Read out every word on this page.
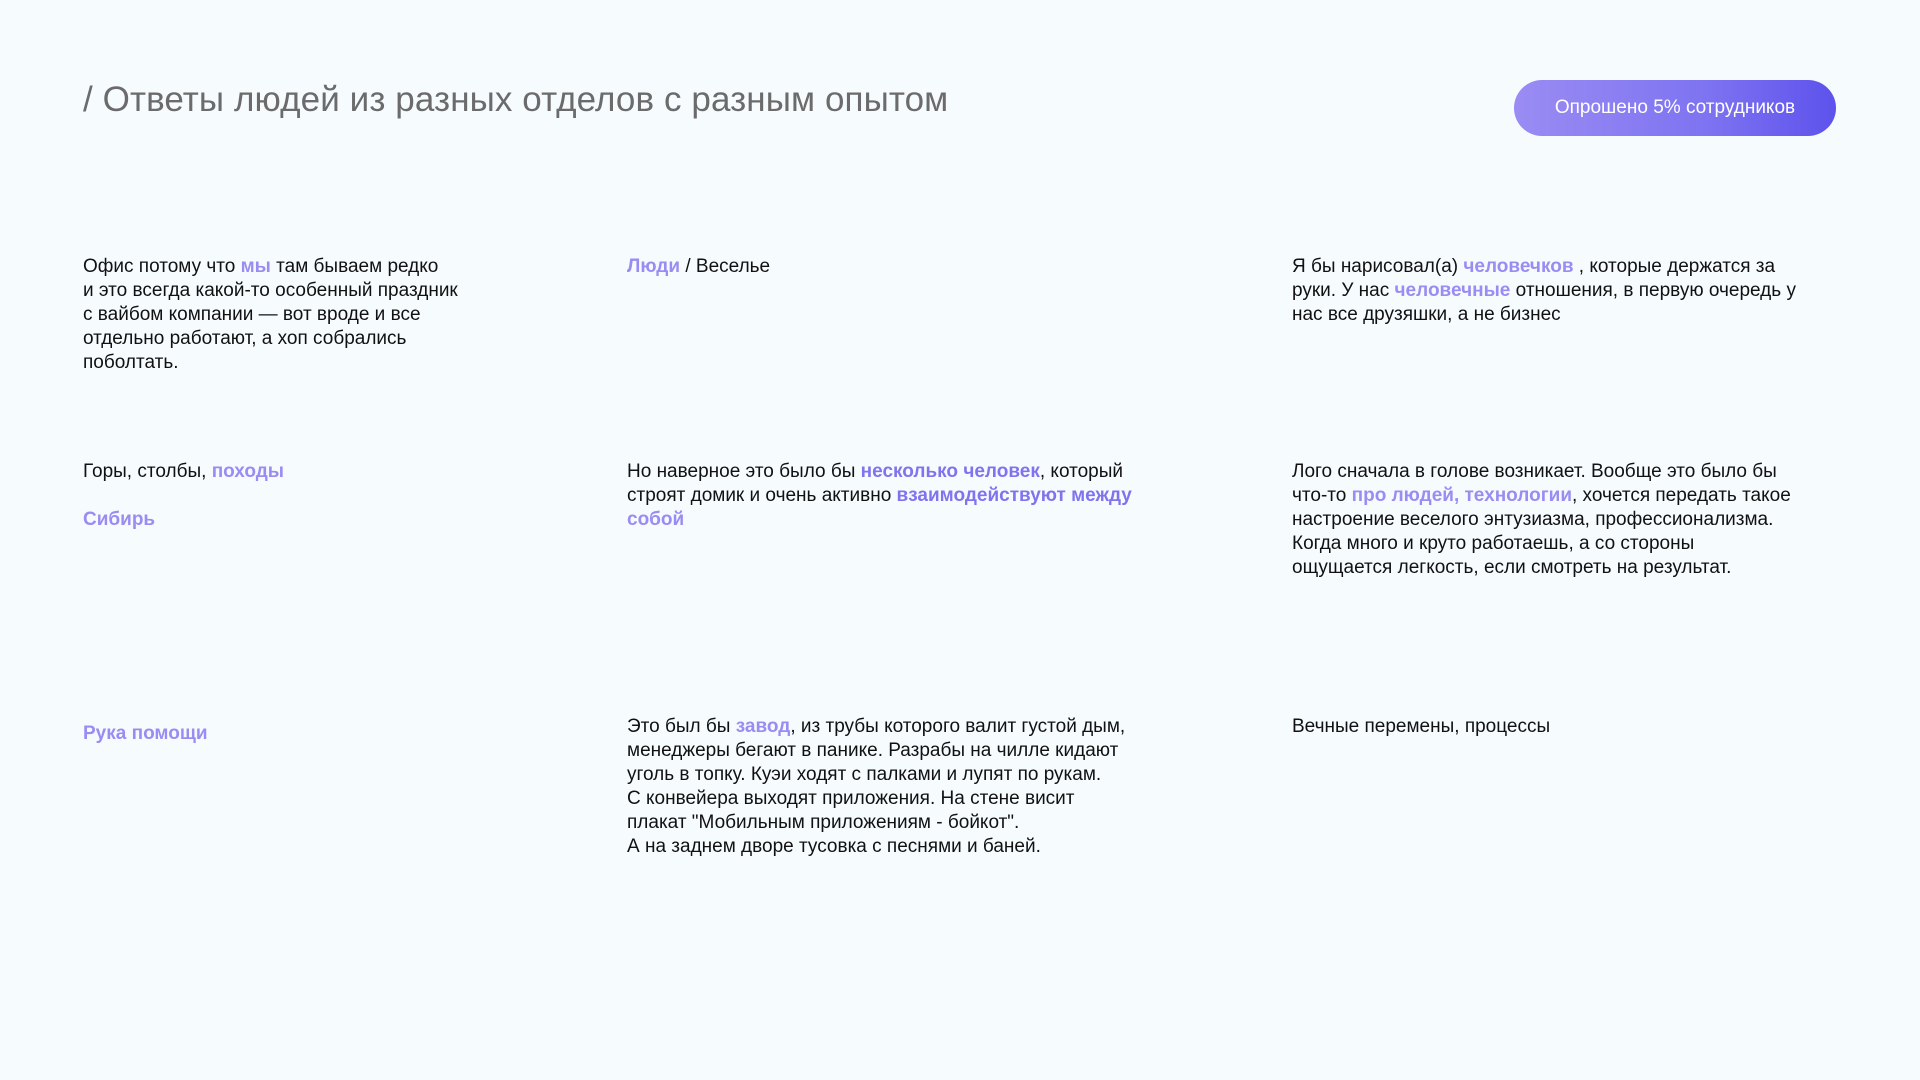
/ Ответы людей из разных отделов с разным опытом	Опрошено 5% сотрудников

Офис потому что мы там бываем редко

и это всегда какой-то особенный праздник

с вайбом компании — вот вроде и все

отдельно работают, а хоп собрались

поболтать.

Люди / Веселье	Я бы нарисовал(а) человечков , которые держатся за

руки. У нас человечные отношения, в первую очередь у

нас все друзяшки, а не бизнес

Горы, столбы, походы

Сибирь

Но наверное это было бы несколько человек, который

строят домик и очень активно взаимодействуют между

собой

Лого сначала в голове возникает. Вообще это было бы

что-то про людей, технологии, хочется передать такое

настроение веселого энтузиазма, профессионализма.

Когда много и круто работаешь, а со стороны

ощущается легкость, если смотреть на результат.

Рука помощи	Это был бы завод, из трубы которого валит густой дым,

менеджеры бегают в панике. Разрабы на чилле кидают

уголь в топку. Куэи ходят с палками и лупят по рукам.

С конвейера выходят приложения. На стене висит

плакат "Мобильным приложениям - бойкот".

А на заднем дворе тусовка с песнями и баней.

Вечные перемены, процессы
